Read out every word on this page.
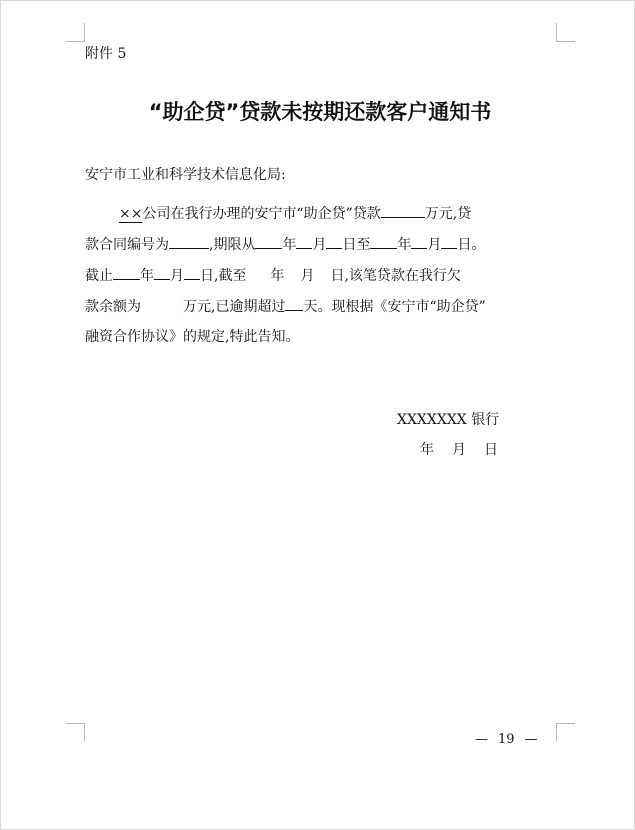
附件 5
“助企贷”贷款未按期还款客户通知书
安宁市工业和科学技术信息化局:
××公司在我行办理的安宁市“助企贷”贷款	万元,贷
款合同编号为	,期限从 年 月 日至 年 月 日。
截止 年 月 日,截至 年 月 日,该笔贷款在我行欠
款余额为	万元,已逾期超过 天。现根据《安宁市“助企贷”
融资合作协议》的规定,特此告知。
XXXXXXX 银行
年 月 日
— 19 —
